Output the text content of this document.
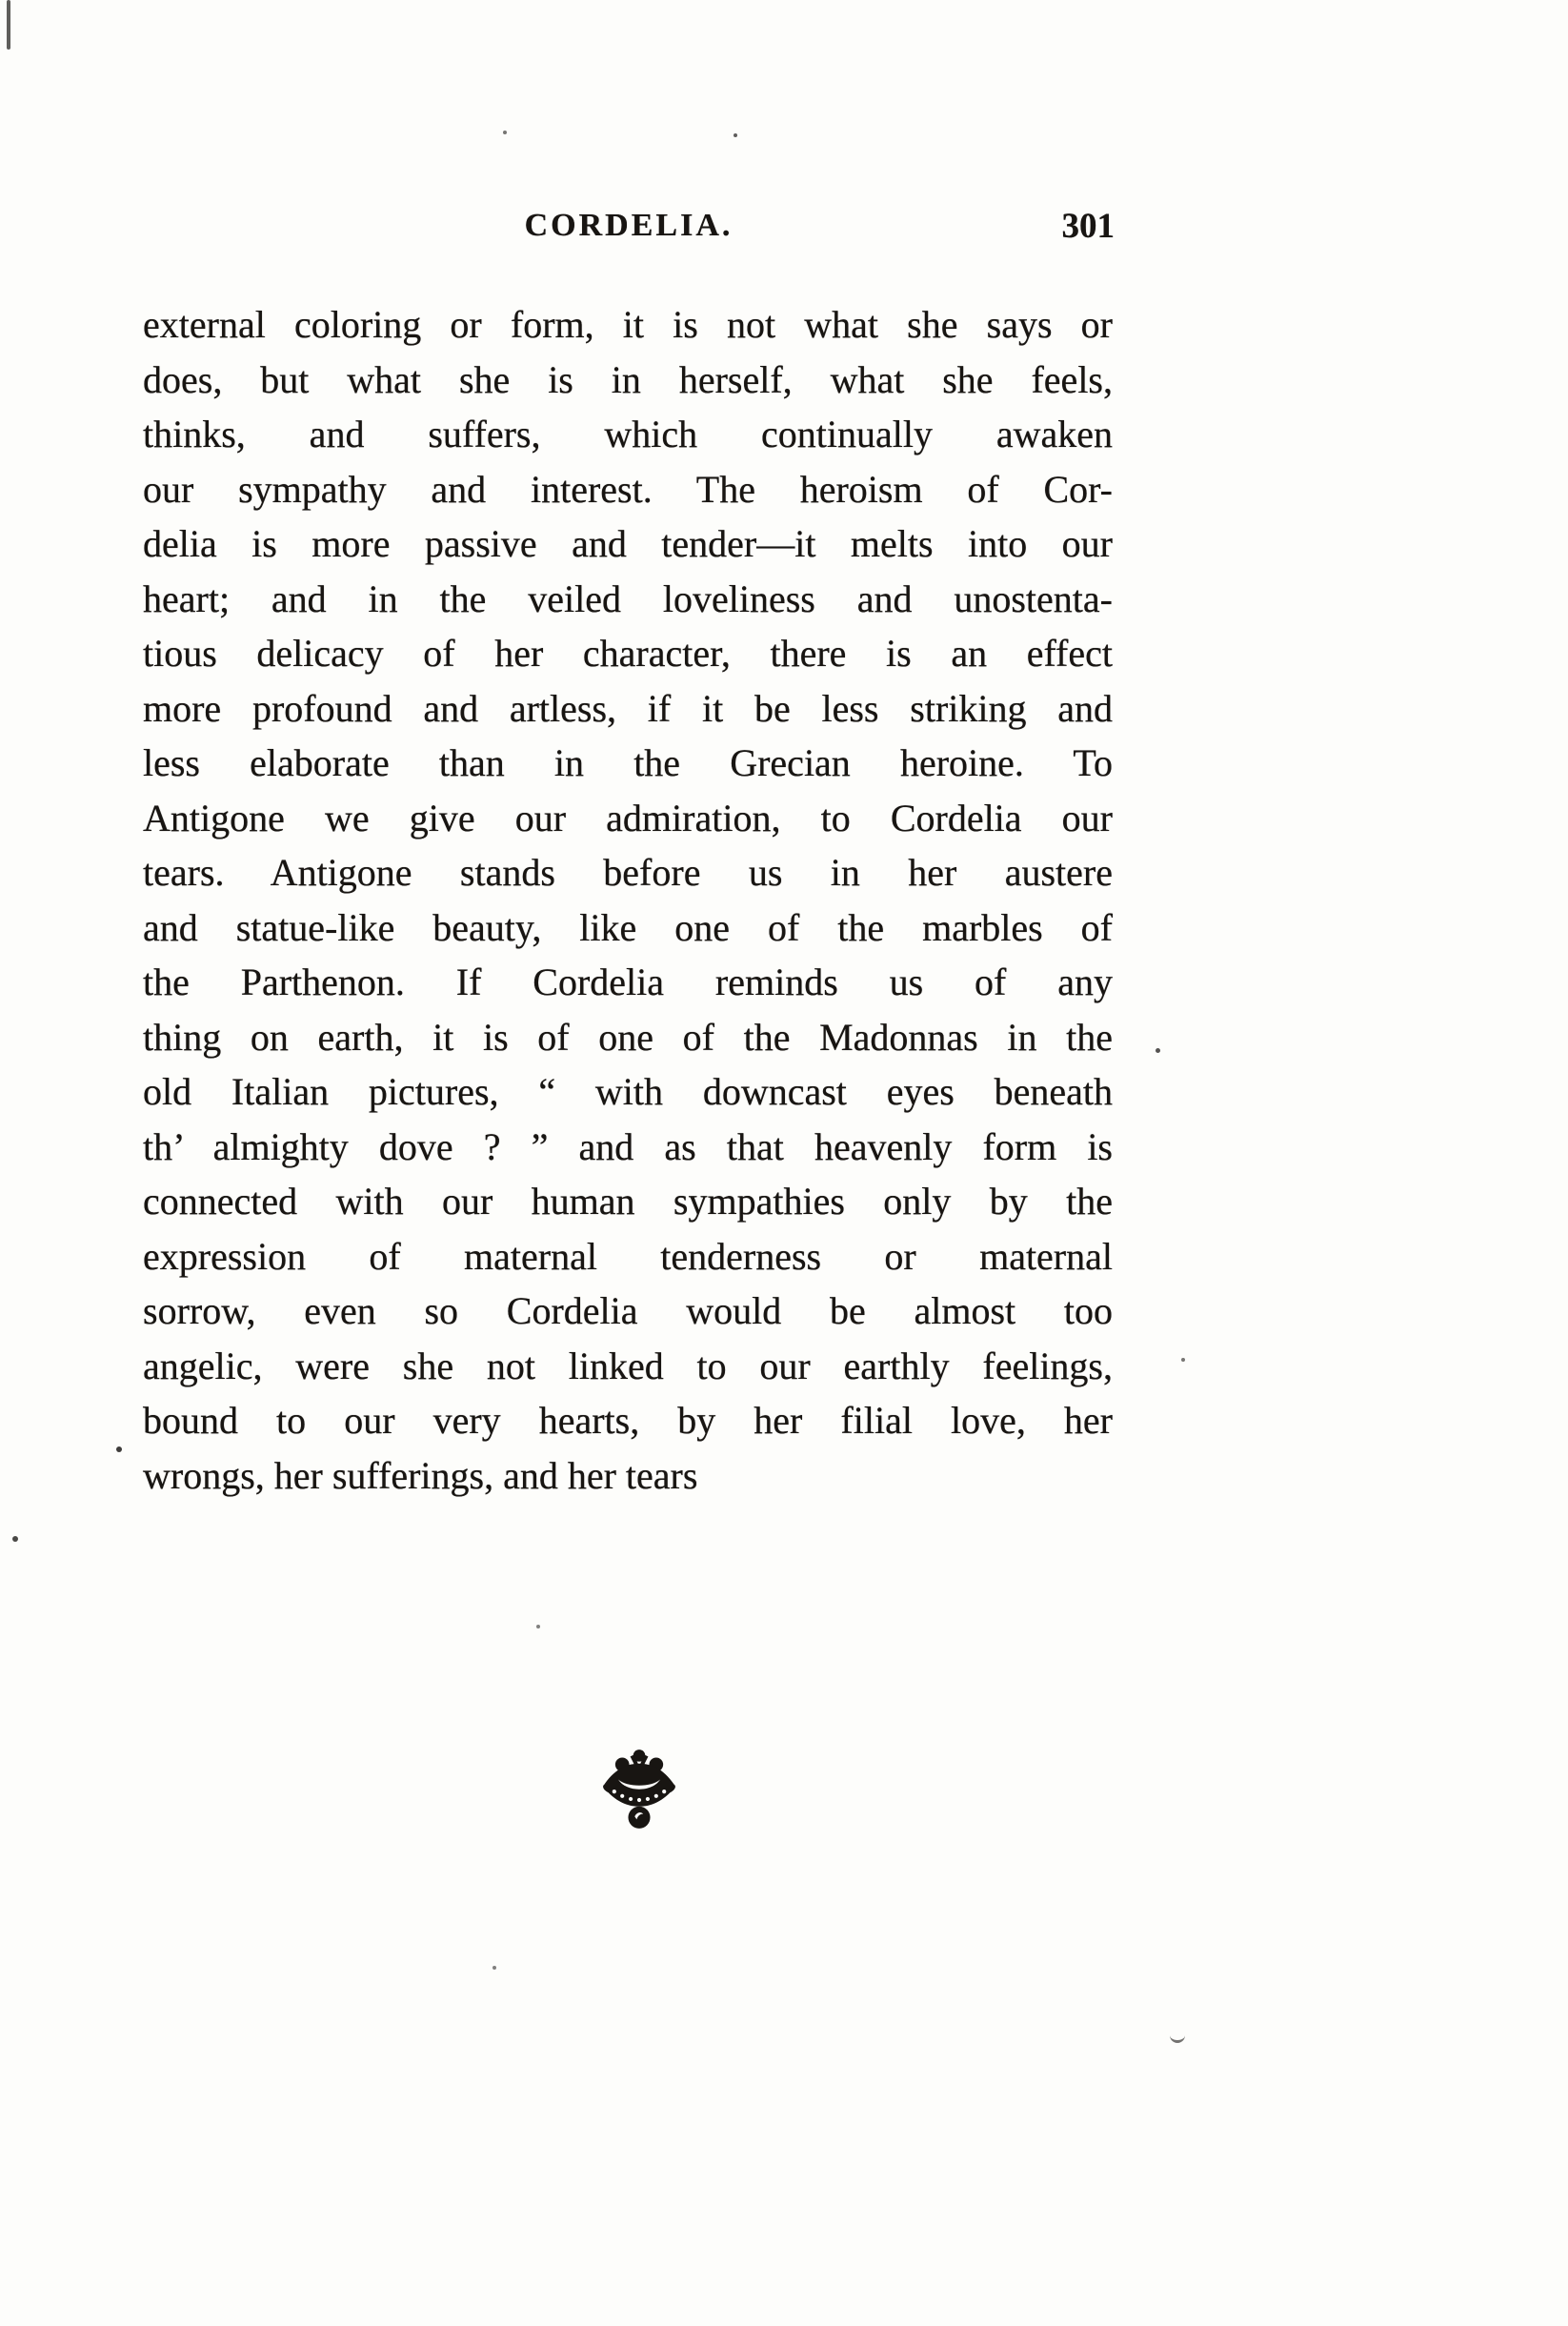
CORDELIA.	301
external coloring or form, it is not what she says or
does, but what she is in herself, what she feels,
thinks, and suffers, which continually awaken
our sympathy and interest. The heroism of Cor-
delia is more passive and tender—it melts into our
heart; and in the veiled loveliness and unostenta-
tious delicacy of her character, there is an effect
more profound and artless, if it be less striking and
less elaborate than in the Grecian heroine. To
Antigone we give our admiration, to Cordelia our
tears. Antigone stands before us in her austere
and statue-like beauty, like one of the marbles of
the Parthenon. If Cordelia reminds us of any
thing on earth, it is of one of the Madonnas in the
old Italian pictures, “ with downcast eyes beneath
th’ almighty dove ? ” and as that heavenly form is
connected with our human sympathies only by the
expression of maternal tenderness or maternal
sorrow, even so Cordelia would be almost too
angelic, were she not linked to our earthly feelings,
bound to our very hearts, by her filial love, her
wrongs, her sufferings, and her tears
